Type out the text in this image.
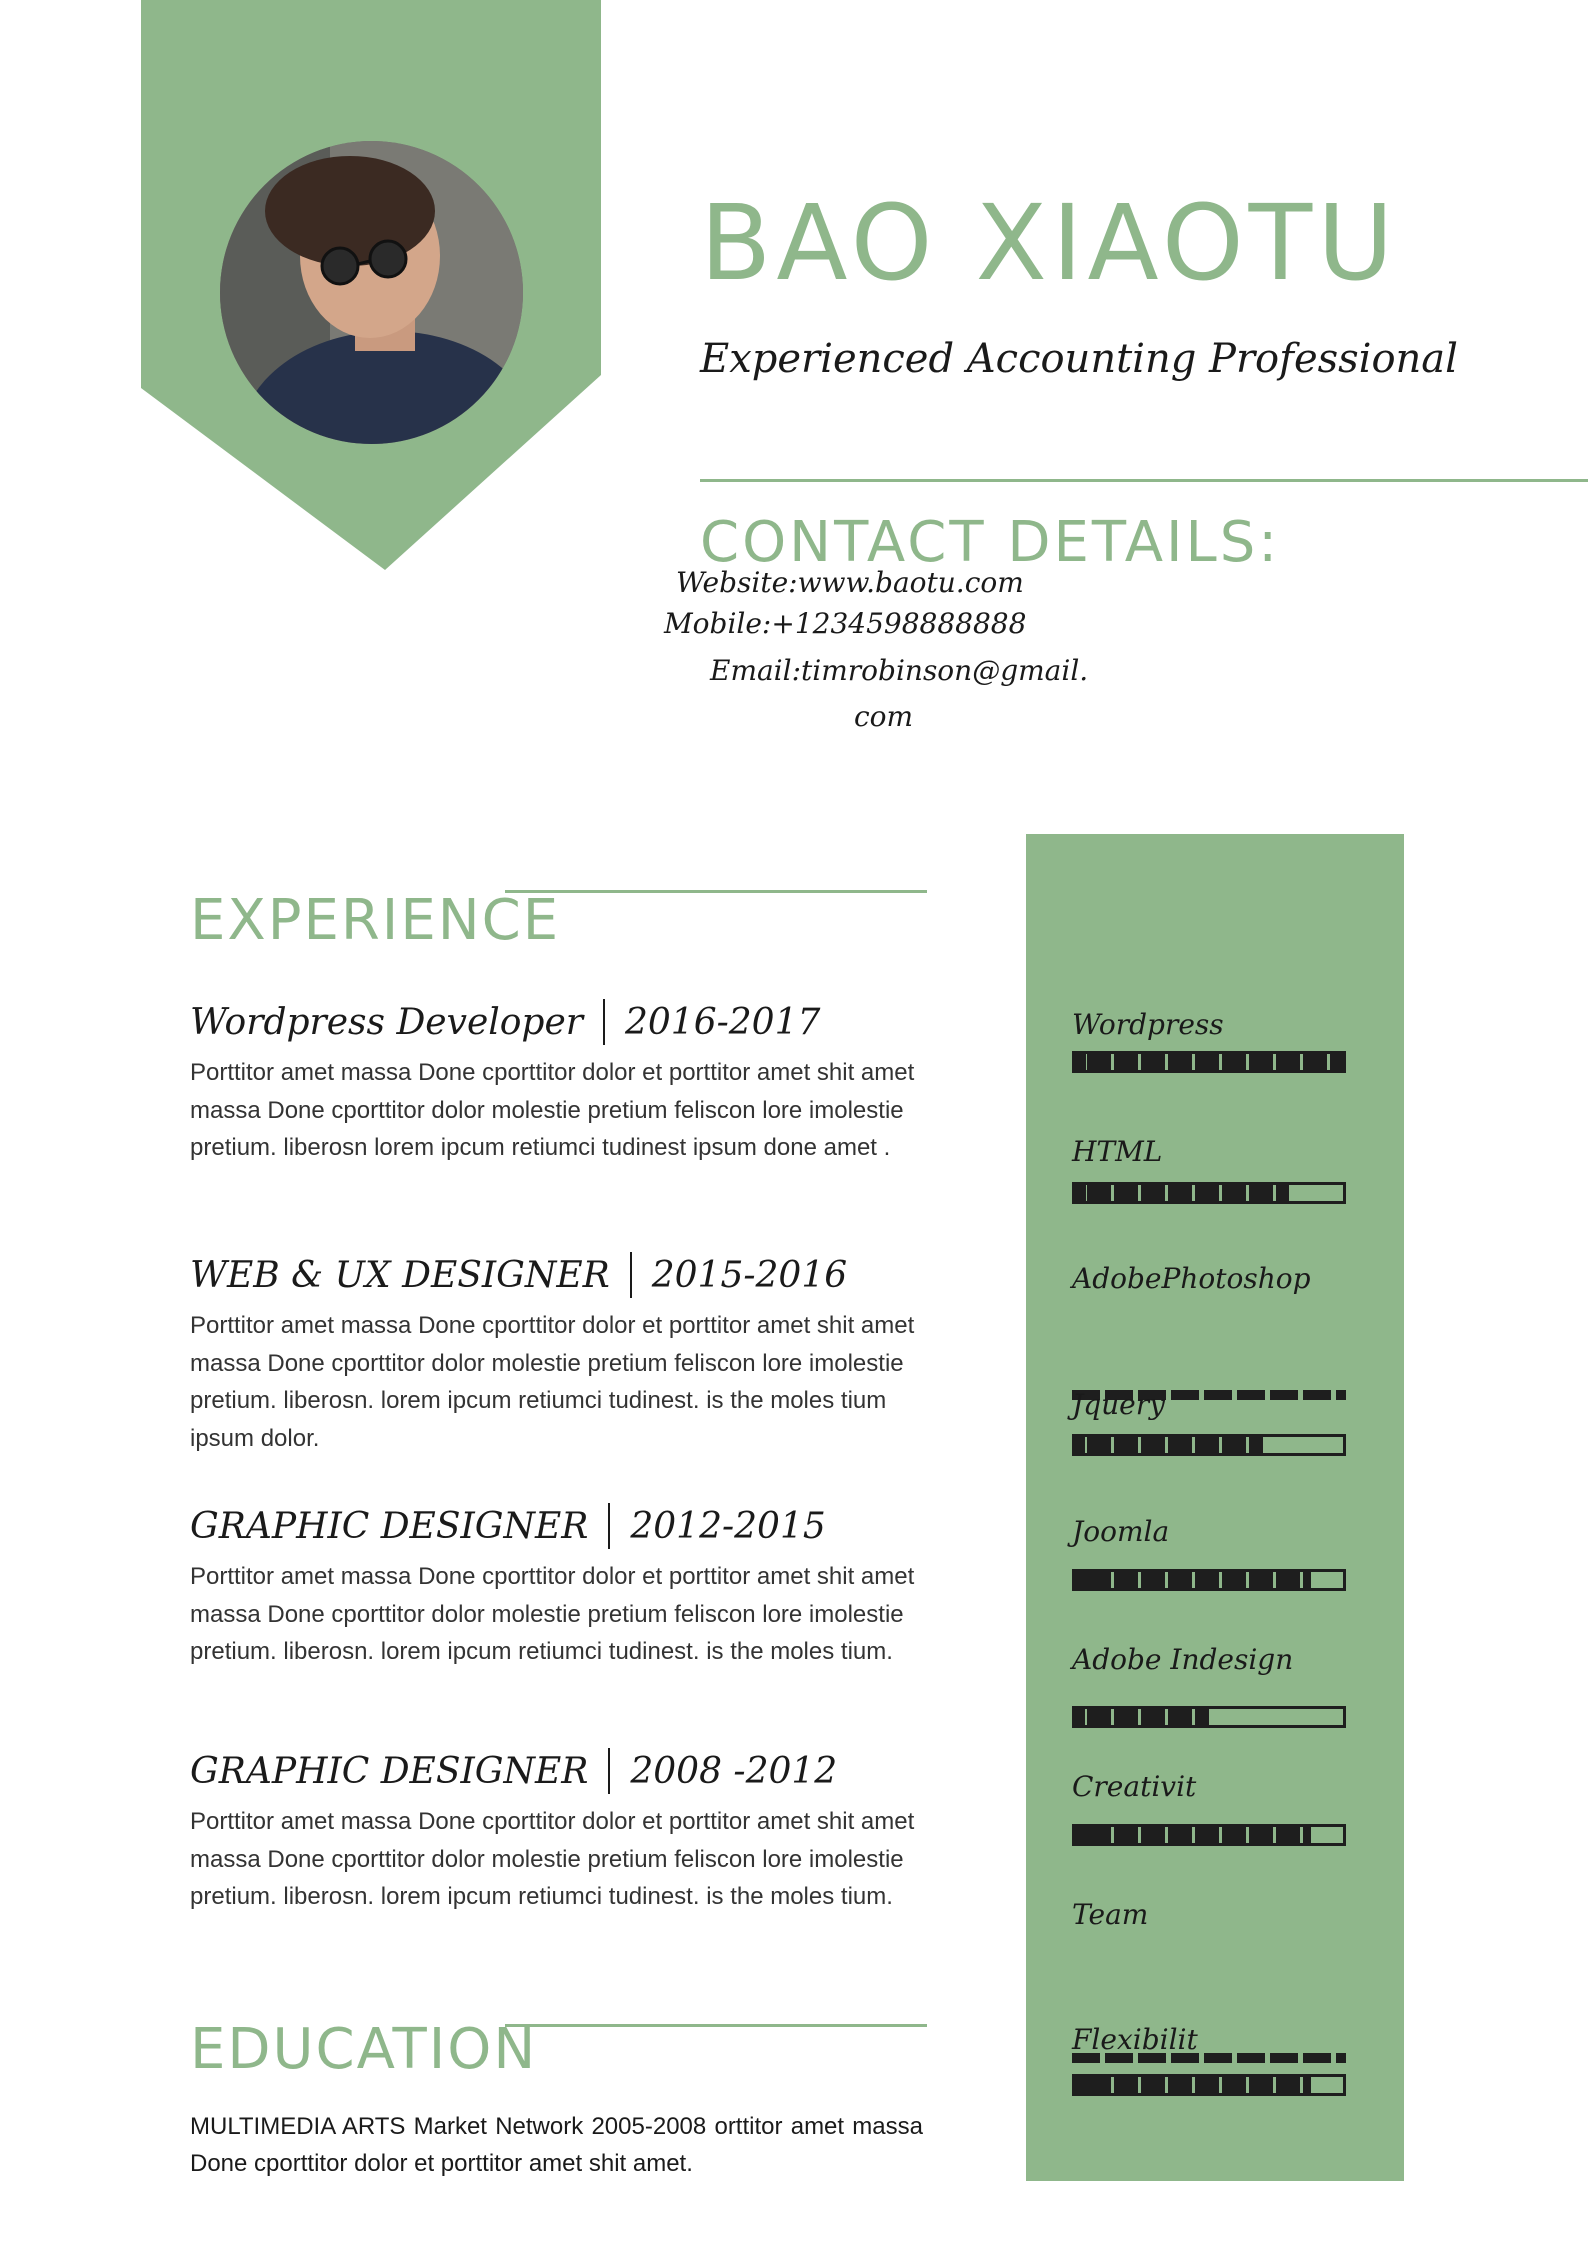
BAO XIAOTU
Experienced Accounting Professional
CONTACT DETAILS:
Website:www.baotu.com
Mobile:+1234598888888
Email:timrobinson@gmail.
com
EXPERIENCE
Wordpress Developer 2016-2017
Porttitor amet massa Done cporttitor dolor et porttitor amet shit amet massa Done cporttitor dolor molestie pretium feliscon lore imolestie pretium. liberosn lorem ipcum retiumci tudinest ipsum done amet .
WEB & UX DESIGNER 2015-2016
Porttitor amet massa Done cporttitor dolor et porttitor amet shit amet massa Done cporttitor dolor molestie pretium feliscon lore imolestie pretium. liberosn. lorem ipcum retiumci tudinest. is the moles tium ipsum dolor.
GRAPHIC DESIGNER 2012-2015
Porttitor amet massa Done cporttitor dolor et porttitor amet shit amet massa Done cporttitor dolor molestie pretium feliscon lore imolestie pretium. liberosn. lorem ipcum retiumci tudinest. is the moles tium.
GRAPHIC DESIGNER 2008 -2012
Porttitor amet massa Done cporttitor dolor et porttitor amet shit amet massa Done cporttitor dolor molestie pretium feliscon lore imolestie pretium. liberosn. lorem ipcum retiumci tudinest. is the moles tium.
EDUCATION
MULTIMEDIA ARTS Market Network 2005-2008 orttitor amet massa Done cporttitor dolor et porttitor amet shit amet.
Wordpress
HTML
AdobePhotoshop
Jquery
Joomla
Adobe Indesign
Creativit
Team
Flexibilit
